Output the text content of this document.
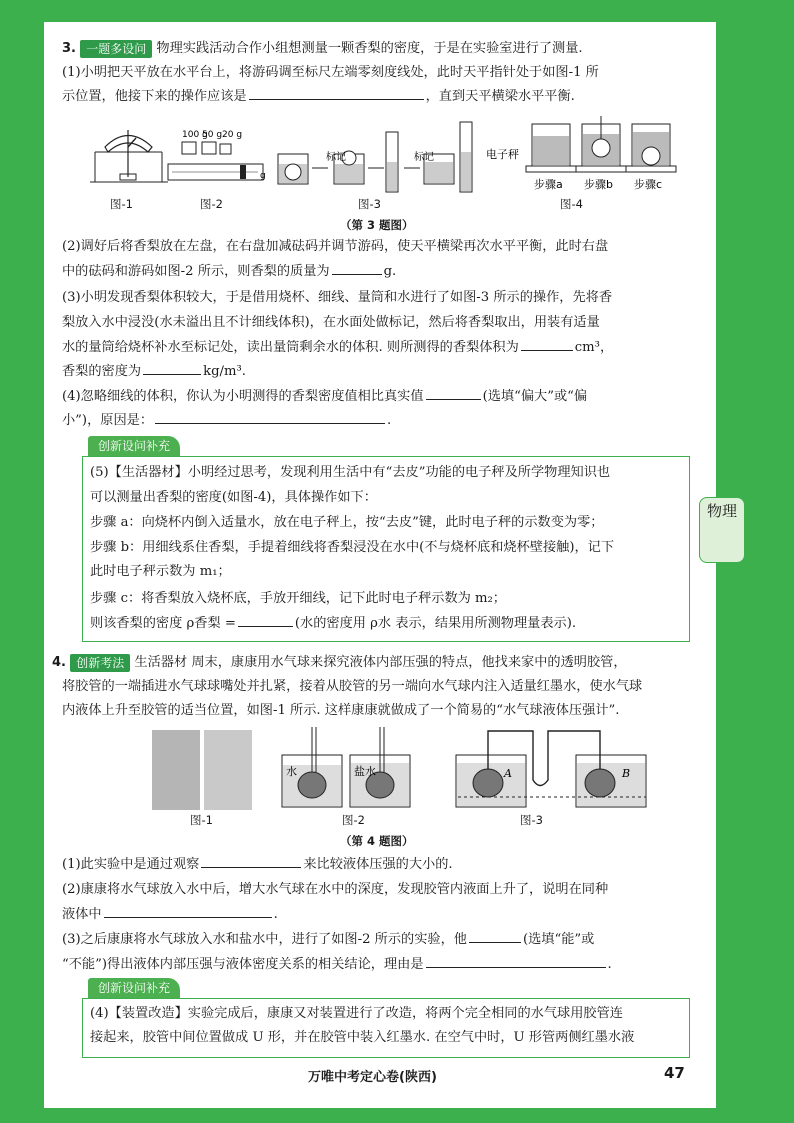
3. 一题多设问 物理实践活动合作小组想测量一颗香梨的密度，于是在实验室进行了测量.
(1)小明把天平放在水平台上，将游码调至标尺左端零刻度线处，此时天平指针处于如图-1 所
示位置，他接下来的操作应该是	，直到天平横梁水平平衡.
100 g
50 g 20 g
g
标记	标记	电子秤
步骤a 步骤b 步骤c
图-1	图-2	图-3	图-4
（第 3 题图）
(2)调好后将香梨放在左盘，在右盘加减砝码并调节游码，使天平横梁再次水平平衡，此时右盘
中的砝码和游码如图-2 所示，则香梨的质量为	g.
(3)小明发现香梨体积较大，于是借用烧杯、细线、量筒和水进行了如图-3 所示的操作，先将香
梨放入水中浸没(水未溢出且不计细线体积)，在水面处做标记，然后将香梨取出，用装有适量
水的量筒给烧杯补水至标记处，读出量筒剩余水的体积. 则所测得的香梨体积为	cm³，
香梨的密度为	kg/m³.
(4)忽略细线的体积，你认为小明测得的香梨密度值相比真实值	(选填“偏大”或“偏
小”)，原因是：	.
创新设问补充
(5)【生活器材】小明经过思考，发现利用生活中有“去皮”功能的电子秤及所学物理知识也
可以测量出香梨的密度(如图-4)，具体操作如下：
步骤 a：向烧杯内倒入适量水，放在电子秤上，按“去皮”键，此时电子秤的示数变为零；
步骤 b：用细线系住香梨，手提着细线将香梨浸没在水中(不与烧杯底和烧杯壁接触)，记下
此时电子秤示数为 m₁；
步骤 c：将香梨放入烧杯底，手放开细线，记下此时电子秤示数为 m₂；
则该香梨的密度 ρ香梨 =	(水的密度用 ρ水 表示，结果用所测物理量表示).
物理
4. 创新考法 生活器材 周末，康康用水气球来探究液体内部压强的特点，他找来家中的透明胶管，
将胶管的一端插进水气球球嘴处并扎紧，接着从胶管的另一端向水气球内注入适量红墨水，使水气球
内液体上升至胶管的适当位置，如图-1 所示. 这样康康就做成了一个简易的“水气球液体压强计”.
水	盐水	A	B
图-1	图-2	图-3
（第 4 题图）
(1)此实验中是通过观察	来比较液体压强的大小的.
(2)康康将水气球放入水中后，增大水气球在水中的深度，发现胶管内液面上升了，说明在同种
液体中	.
(3)之后康康将水气球放入水和盐水中，进行了如图-2 所示的实验，他	(选填“能”或
“不能”)得出液体内部压强与液体密度关系的相关结论，理由是	.
创新设问补充
(4)【装置改造】实验完成后，康康又对装置进行了改造，将两个完全相同的水气球用胶管连
接起来，胶管中间位置做成 U 形，并在胶管中装入红墨水. 在空气中时，U 形管两侧红墨水液
万唯中考定心卷(陕西)	47
